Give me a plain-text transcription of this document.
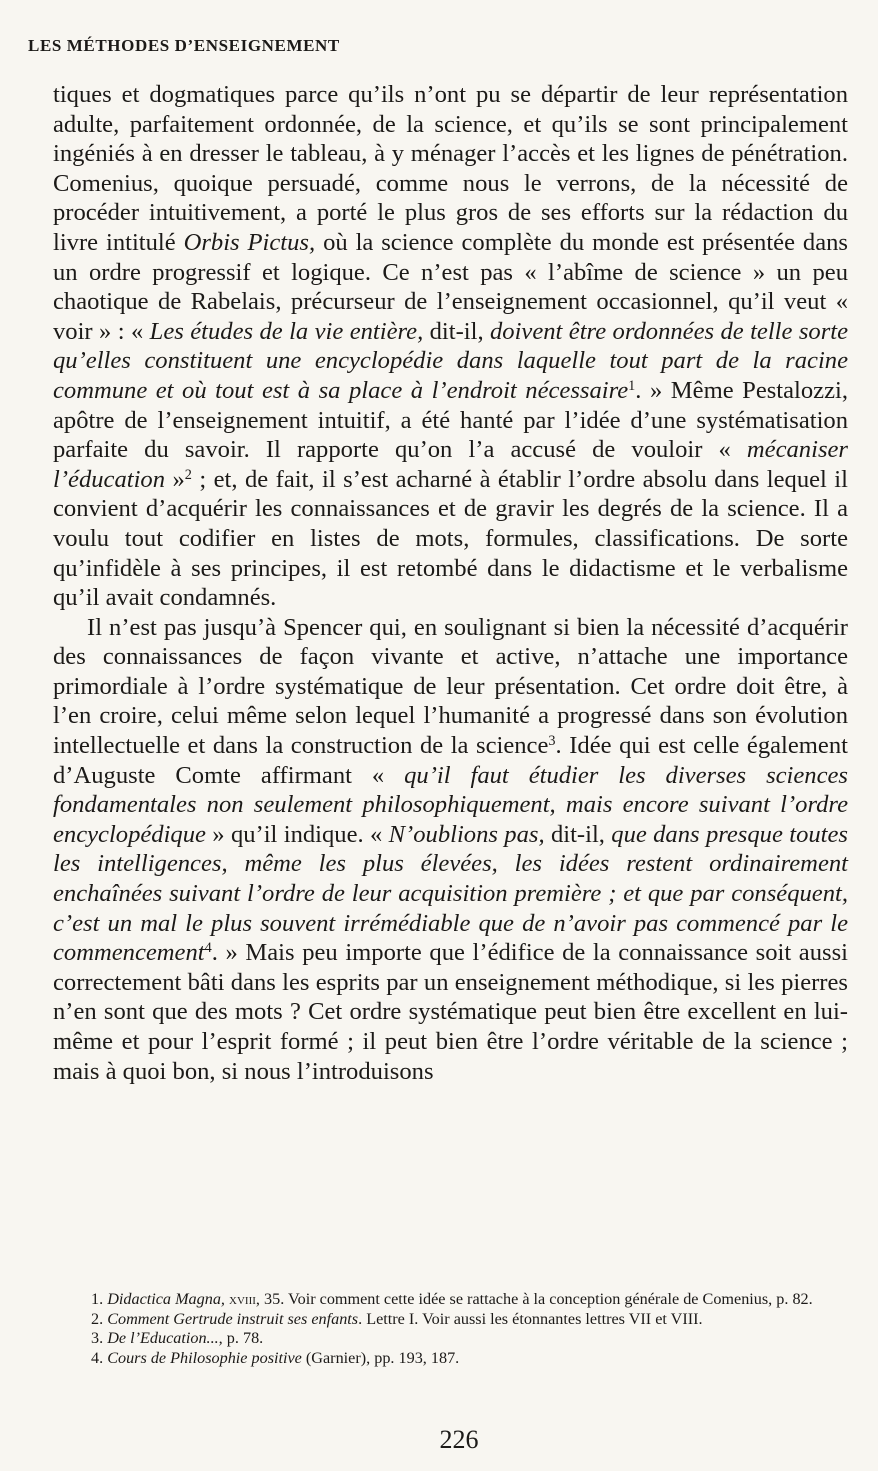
LES MÉTHODES D’ENSEIGNEMENT

tiques et dogmatiques parce qu’ils n’ont pu se départir de leur représentation adulte, parfaitement ordonnée, de la science, et qu’ils se sont principalement ingéniés à en dresser le tableau, à y ménager l’accès et les lignes de pénétration. Comenius, quoique persuadé, comme nous le verrons, de la nécessité de procéder intuitivement, a porté le plus gros de ses efforts sur la rédaction du livre intitulé Orbis Pictus, où la science complète du monde est présentée dans un ordre progressif et logique. Ce n’est pas « l’abîme de science » un peu chaotique de Rabelais, précurseur de l’enseignement occasionnel, qu’il veut « voir » : « Les études de la vie entière, dit-il, doivent être ordonnées de telle sorte qu’elles constituent une encyclopédie dans laquelle tout part de la racine commune et où tout est à sa place à l’endroit nécessaire$^1$. » Même Pestalozzi, apôtre de l’enseignement intuitif, a été hanté par l’idée d’une systématisation parfaite du savoir. Il rapporte qu’on l’a accusé de vouloir « mécaniser l’éducation »$^2$ ; et, de fait, il s’est acharné à établir l’ordre absolu dans lequel il convient d’acquérir les connaissances et de gravir les degrés de la science. Il a voulu tout codifier en listes de mots, formules, classifications. De sorte qu’infidèle à ses principes, il est retombé dans le didactisme et le verbalisme qu’il avait condamnés.

Il n’est pas jusqu’à Spencer qui, en soulignant si bien la nécessité d’acquérir des connaissances de façon vivante et active, n’attache une importance primordiale à l’ordre systématique de leur présentation. Cet ordre doit être, à l’en croire, celui même selon lequel l’humanité a progressé dans son évolution intellectuelle et dans la construction de la science$^3$. Idée qui est celle également d’Auguste Comte affirmant « qu’il faut étudier les diverses sciences fondamentales non seulement philosophiquement, mais encore suivant l’ordre encyclopédique » qu’il indique. « N’oublions pas, dit-il, que dans presque toutes les intelligences, même les plus élevées, les idées restent ordinairement enchaînées suivant l’ordre de leur acquisition première ; et que par conséquent, c’est un mal le plus souvent irrémédiable que de n’avoir pas commencé par le commencement$^4$. » Mais peu importe que l’édifice de la connaissance soit aussi correctement bâti dans les esprits par un enseignement méthodique, si les pierres n’en sont que des mots ? Cet ordre systématique peut bien être excellent en lui-même et pour l’esprit formé ; il peut bien être l’ordre véritable de la science ; mais à quoi bon, si nous l’introduisons

1. Didactica Magna, xviii, 35. Voir comment cette idée se rattache à la conception générale de Comenius, p. 82.

2. Comment Gertrude instruit ses enfants. Lettre I. Voir aussi les étonnantes lettres VII et VIII.

3. De l’Education..., p. 78.

4. Cours de Philosophie positive (Garnier), pp. 193, 187.

226
